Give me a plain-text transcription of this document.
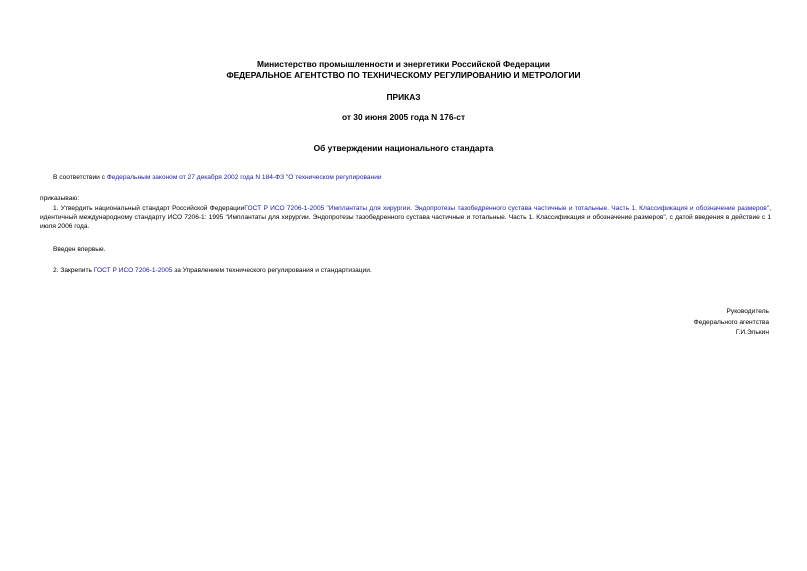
Министерство промышленности и энергетики Российской Федерации
ФЕДЕРАЛЬНОЕ АГЕНТСТВО ПО ТЕХНИЧЕСКОМУ РЕГУЛИРОВАНИЮ И МЕТРОЛОГИИ
ПРИКАЗ
от 30 июня 2005 года N 176-ст
Об утверждении национального стандарта
В соответствии с Федеральным законом от 27 декабря 2002 года N 184-ФЗ "О техническом регулировании
приказываю:
1. Утвердить национальный стандарт Российской ФедерацииГОСТ Р ИСО 7206-1-2005 "Имплантаты для хирургии. Эндопротезы тазобедренного сустава частичные и тотальные. Часть 1. Классификация и обозначение размеров", идентичный международному стандарту ИСО 7206-1: 1995 "Имплантаты для хирургии. Эндопротезы тазобедренного сустава частичные и тотальные. Часть 1. Классификация и обозначение размеров", с датой введения в действие с 1 июля 2006 года.
Введен впервые.
2. Закрепить ГОСТ Р ИСО 7206-1-2005 за Управлением технического регулирования и стандартизации.
Руководитель
Федерального агентства
Г.И.Элькин
